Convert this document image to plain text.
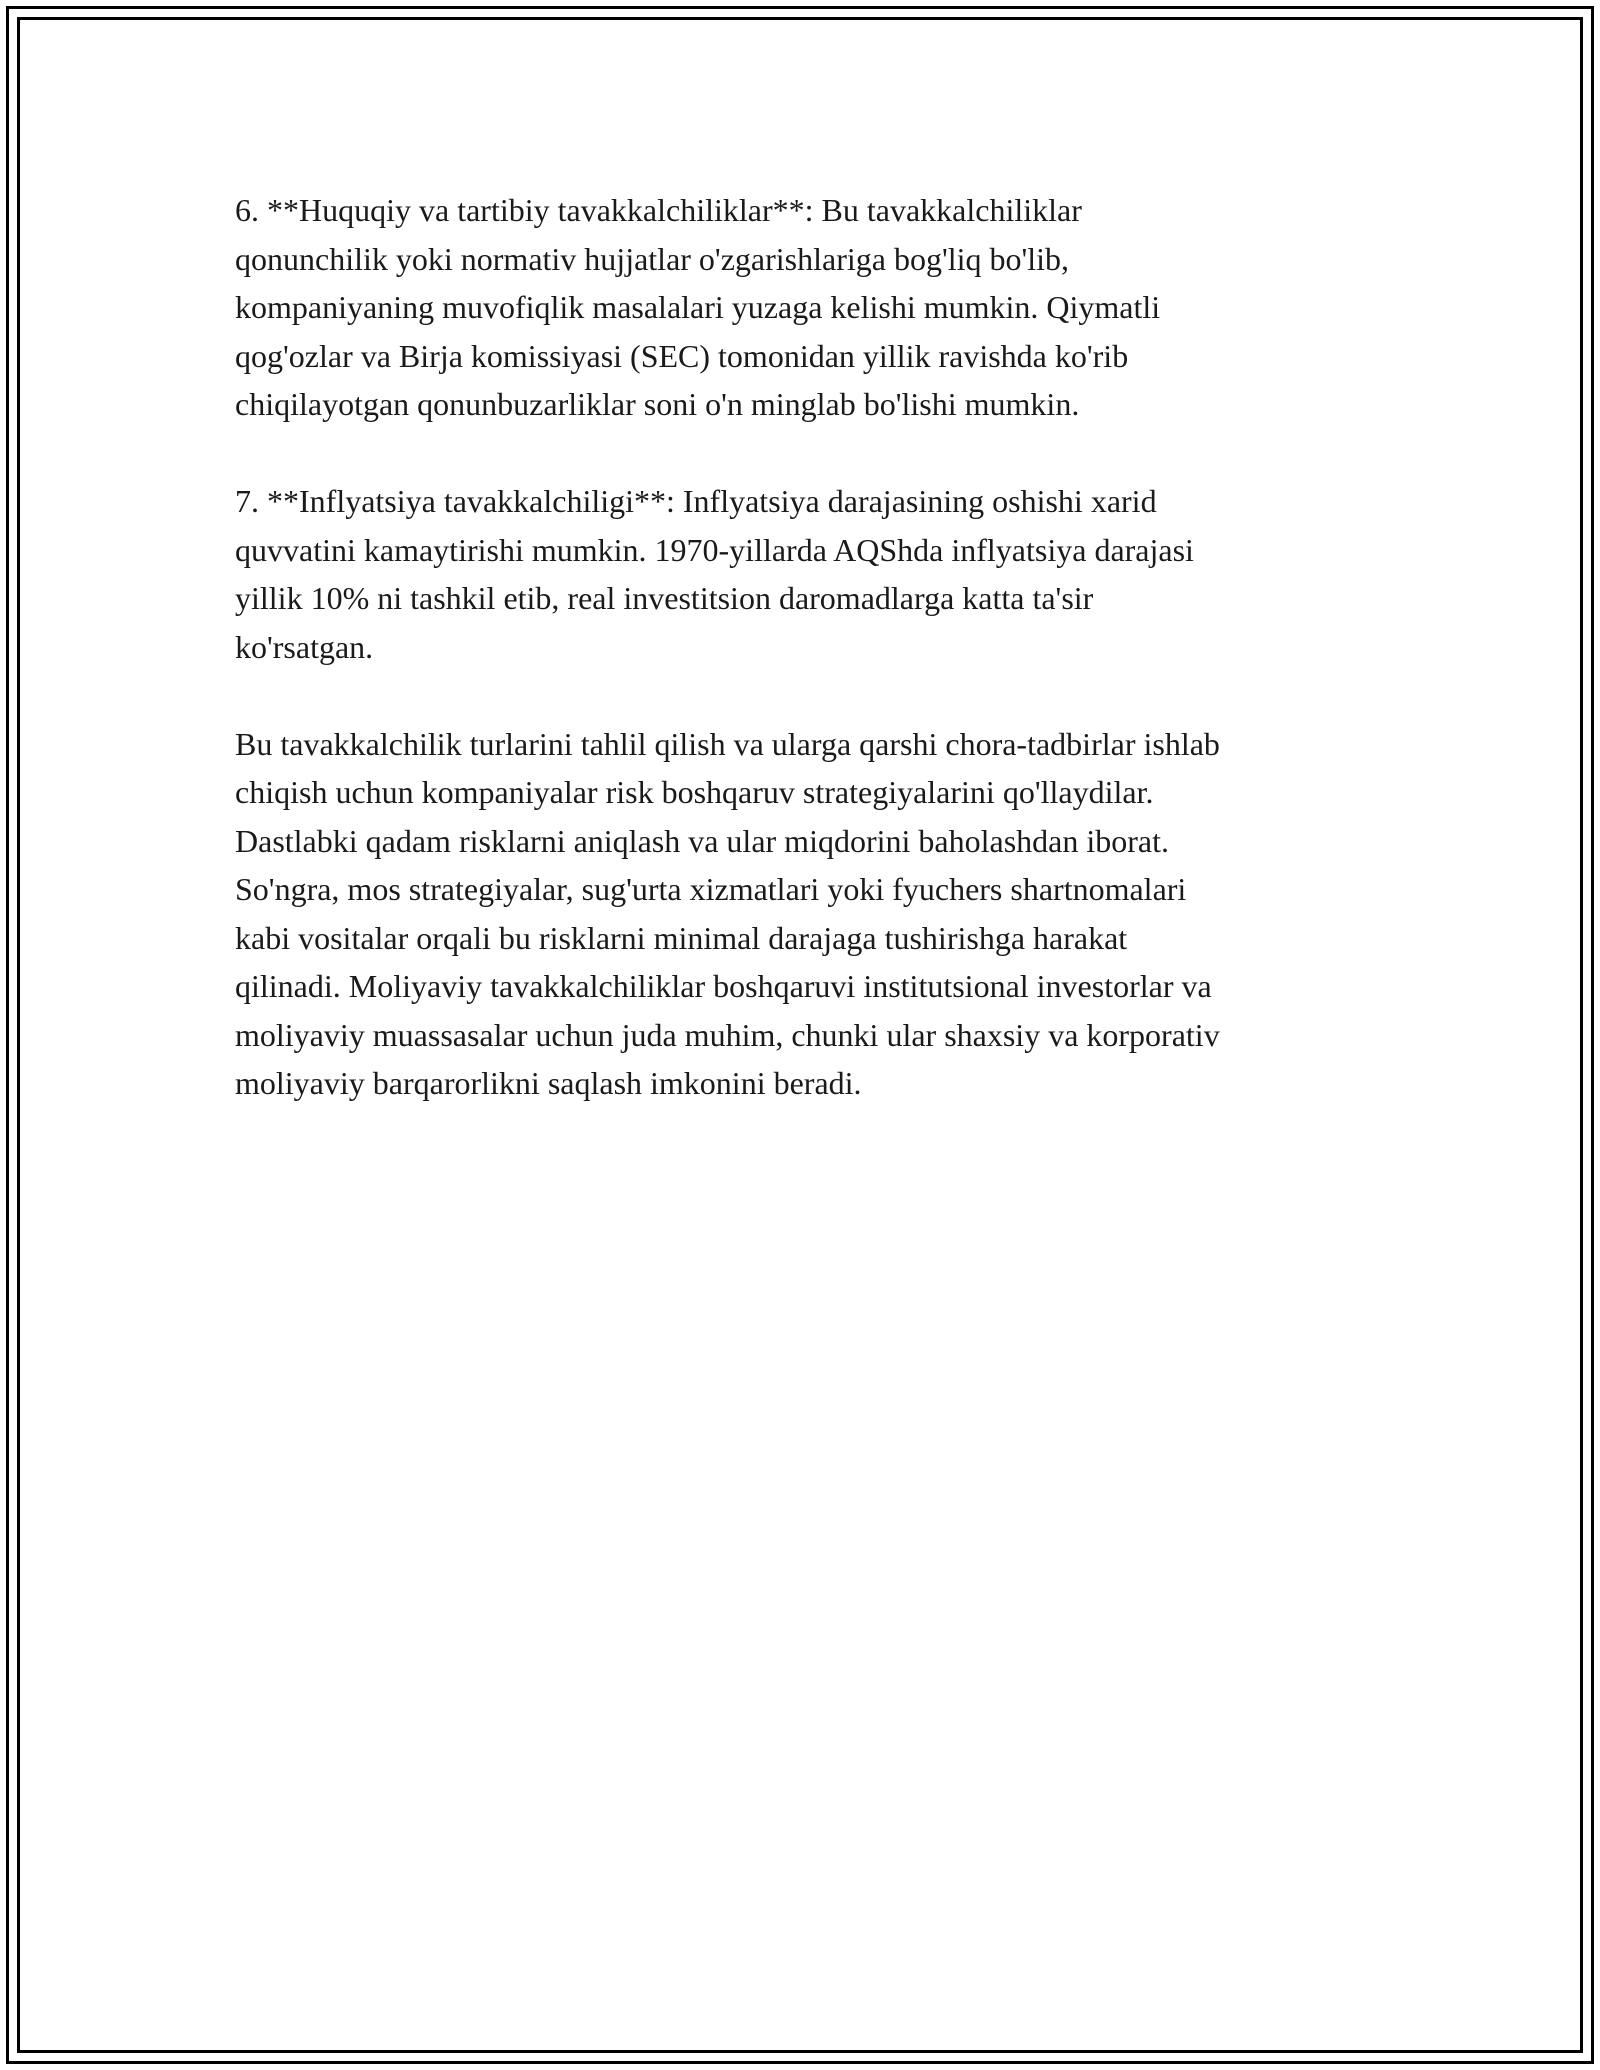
6. **Huquqiy va tartibiy tavakkalchiliklar**: Bu tavakkalchiliklar
qonunchilik yoki normativ hujjatlar o'zgarishlariga bog'liq bo'lib,
kompaniyaning muvofiqlik masalalari yuzaga kelishi mumkin. Qiymatli
qog'ozlar va Birja komissiyasi (SEC) tomonidan yillik ravishda ko'rib
chiqilayotgan qonunbuzarliklar soni o'n minglab bo'lishi mumkin.
7. **Inflyatsiya tavakkalchiligi**: Inflyatsiya darajasining oshishi xarid
quvvatini kamaytirishi mumkin. 1970-yillarda AQShda inflyatsiya darajasi
yillik 10% ni tashkil etib, real investitsion daromadlarga katta ta'sir
ko'rsatgan.
Bu tavakkalchilik turlarini tahlil qilish va ularga qarshi chora-tadbirlar ishlab
chiqish uchun kompaniyalar risk boshqaruv strategiyalarini qo'llaydilar.
Dastlabki qadam risklarni aniqlash va ular miqdorini baholashdan iborat.
So'ngra, mos strategiyalar, sug'urta xizmatlari yoki fyuchers shartnomalari
kabi vositalar orqali bu risklarni minimal darajaga tushirishga harakat
qilinadi. Moliyaviy tavakkalchiliklar boshqaruvi institutsional investorlar va
moliyaviy muassasalar uchun juda muhim, chunki ular shaxsiy va korporativ
moliyaviy barqarorlikni saqlash imkonini beradi.
